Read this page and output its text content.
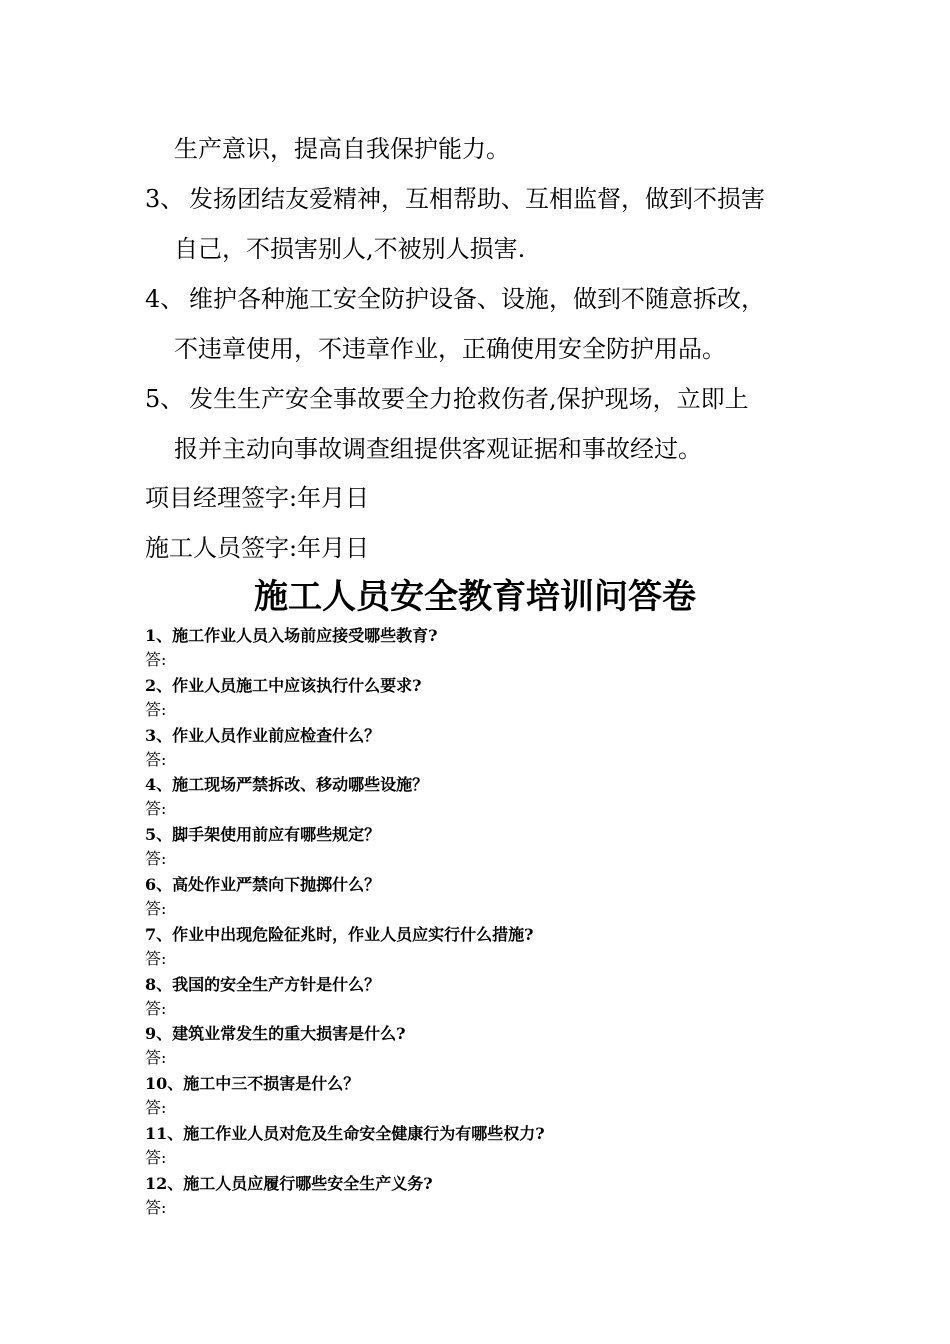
生产意识，提高自我保护能力。
3、 发扬团结友爱精神，互相帮助、互相监督，做到不损害
自己，不损害别人,不被别人损害.
4、 维护各种施工安全防护设备、设施，做到不随意拆改，
不违章使用，不违章作业，正确使用安全防护用品。
5、 发生生产安全事故要全力抢救伤者,保护现场，立即上
报并主动向事故调查组提供客观证据和事故经过。
项目经理签字:年月日
施工人员签字:年月日
施工人员安全教育培训问答卷
1、施工作业人员入场前应接受哪些教育?
答:
2、作业人员施工中应该执行什么要求?
答:
3、作业人员作业前应检查什么？
答:
4、施工现场严禁拆改、移动哪些设施？
答:
5、脚手架使用前应有哪些规定？
答:
6、高处作业严禁向下抛掷什么？
答:
7、作业中出现危险征兆时，作业人员应实行什么措施?
答:
8、我国的安全生产方针是什么？
答:
9、建筑业常发生的重大损害是什么?
答:
10、施工中三不损害是什么？
答:
11、施工作业人员对危及生命安全健康行为有哪些权力?
答:
12、施工人员应履行哪些安全生产义务?
答:
